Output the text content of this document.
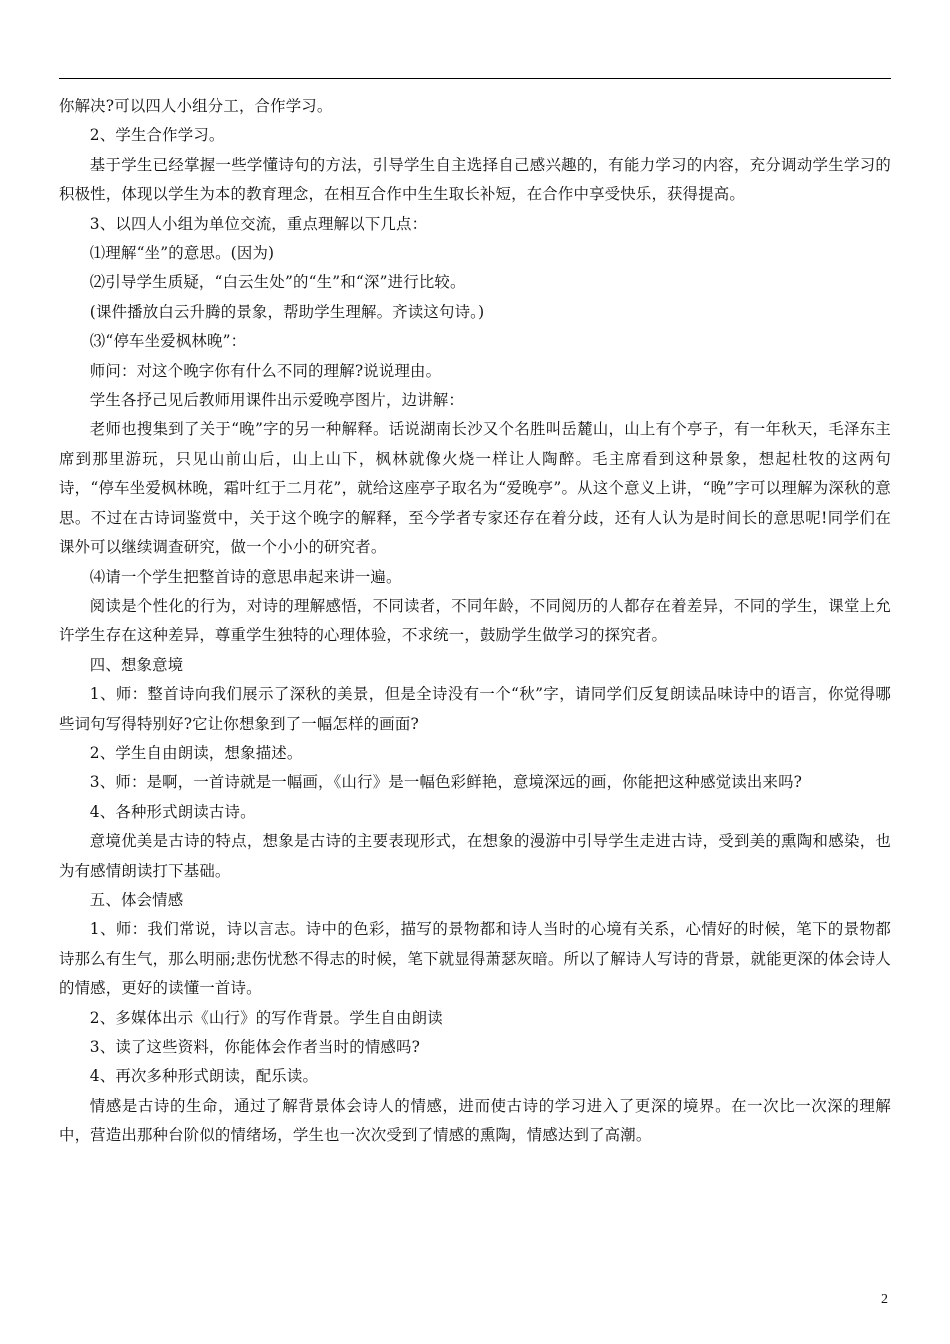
你解决?可以四人小组分工，合作学习。

2、学生合作学习。

基于学生已经掌握一些学懂诗句的方法，引导学生自主选择自己感兴趣的，有能力学习的内容，充分调动学生学习的积极性，体现以学生为本的教育理念，在相互合作中生生取长补短，在合作中享受快乐，获得提高。

3、以四人小组为单位交流，重点理解以下几点：

⑴理解“坐”的意思。(因为)

⑵引导学生质疑，“白云生处”的“生”和“深”进行比较。

(课件播放白云升腾的景象，帮助学生理解。齐读这句诗。)

⑶“停车坐爱枫林晚”：

师问：对这个晚字你有什么不同的理解?说说理由。

学生各抒己见后教师用课件出示爱晚亭图片，边讲解：

老师也搜集到了关于“晚”字的另一种解释。话说湖南长沙又个名胜叫岳麓山，山上有个亭子，有一年秋天，毛泽东主席到那里游玩，只见山前山后，山上山下，枫林就像火烧一样让人陶醉。毛主席看到这种景象，想起杜牧的这两句诗，“停车坐爱枫林晚，霜叶红于二月花”，就给这座亭子取名为“爱晚亭”。从这个意义上讲，“晚”字可以理解为深秋的意思。不过在古诗词鉴赏中，关于这个晚字的解释，至今学者专家还存在着分歧，还有人认为是时间长的意思呢!同学们在课外可以继续调查研究，做一个小小的研究者。

⑷请一个学生把整首诗的意思串起来讲一遍。

阅读是个性化的行为，对诗的理解感悟，不同读者，不同年龄，不同阅历的人都存在着差异，不同的学生，课堂上允许学生存在这种差异，尊重学生独特的心理体验，不求统一，鼓励学生做学习的探究者。

四、想象意境

1、师：整首诗向我们展示了深秋的美景，但是全诗没有一个“秋”字，请同学们反复朗读品味诗中的语言，你觉得哪些词句写得特别好?它让你想象到了一幅怎样的画面?

2、学生自由朗读，想象描述。

3、师：是啊，一首诗就是一幅画，《山行》是一幅色彩鲜艳，意境深远的画，你能把这种感觉读出来吗?

4、各种形式朗读古诗。

意境优美是古诗的特点，想象是古诗的主要表现形式，在想象的漫游中引导学生走进古诗，受到美的熏陶和感染，也为有感情朗读打下基础。

五、体会情感

1、师：我们常说，诗以言志。诗中的色彩，描写的景物都和诗人当时的心境有关系，心情好的时候，笔下的景物都诗那么有生气，那么明丽;悲伤忧愁不得志的时候，笔下就显得萧瑟灰暗。所以了解诗人写诗的背景，就能更深的体会诗人的情感，更好的读懂一首诗。

2、多媒体出示《山行》的写作背景。学生自由朗读

3、读了这些资料，你能体会作者当时的情感吗?

4、再次多种形式朗读，配乐读。

情感是古诗的生命，通过了解背景体会诗人的情感，进而使古诗的学习进入了更深的境界。在一次比一次深的理解中，营造出那种台阶似的情绪场，学生也一次次受到了情感的熏陶，情感达到了高潮。

2
